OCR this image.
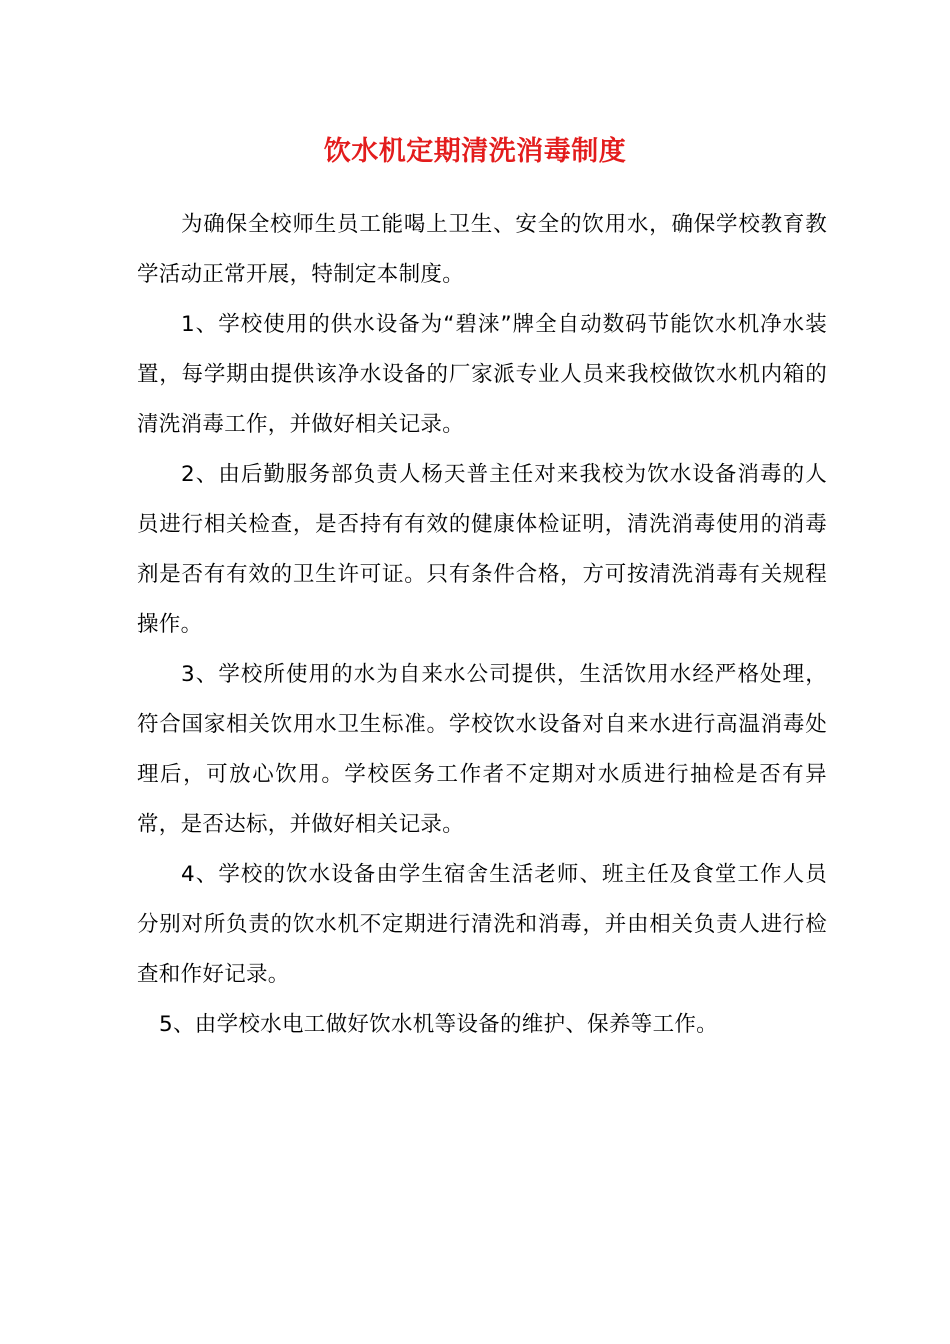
饮水机定期清洗消毒制度

为确保全校师生员工能喝上卫生、安全的饮用水，确保学校教育教学活动正常开展，特制定本制度。

1、学校使用的供水设备为“碧涞”牌全自动数码节能饮水机净水装置，每学期由提供该净水设备的厂家派专业人员来我校做饮水机内箱的清洗消毒工作，并做好相关记录。

2、由后勤服务部负责人杨天普主任对来我校为饮水设备消毒的人员进行相关检查，是否持有有效的健康体检证明，清洗消毒使用的消毒剂是否有有效的卫生许可证。只有条件合格，方可按清洗消毒有关规程操作。

3、学校所使用的水为自来水公司提供，生活饮用水经严格处理，符合国家相关饮用水卫生标准。学校饮水设备对自来水进行高温消毒处理后，可放心饮用。学校医务工作者不定期对水质进行抽检是否有异常，是否达标，并做好相关记录。

4、学校的饮水设备由学生宿舍生活老师、班主任及食堂工作人员分别对所负责的饮水机不定期进行清洗和消毒，并由相关负责人进行检查和作好记录。

5、由学校水电工做好饮水机等设备的维护、保养等工作。
